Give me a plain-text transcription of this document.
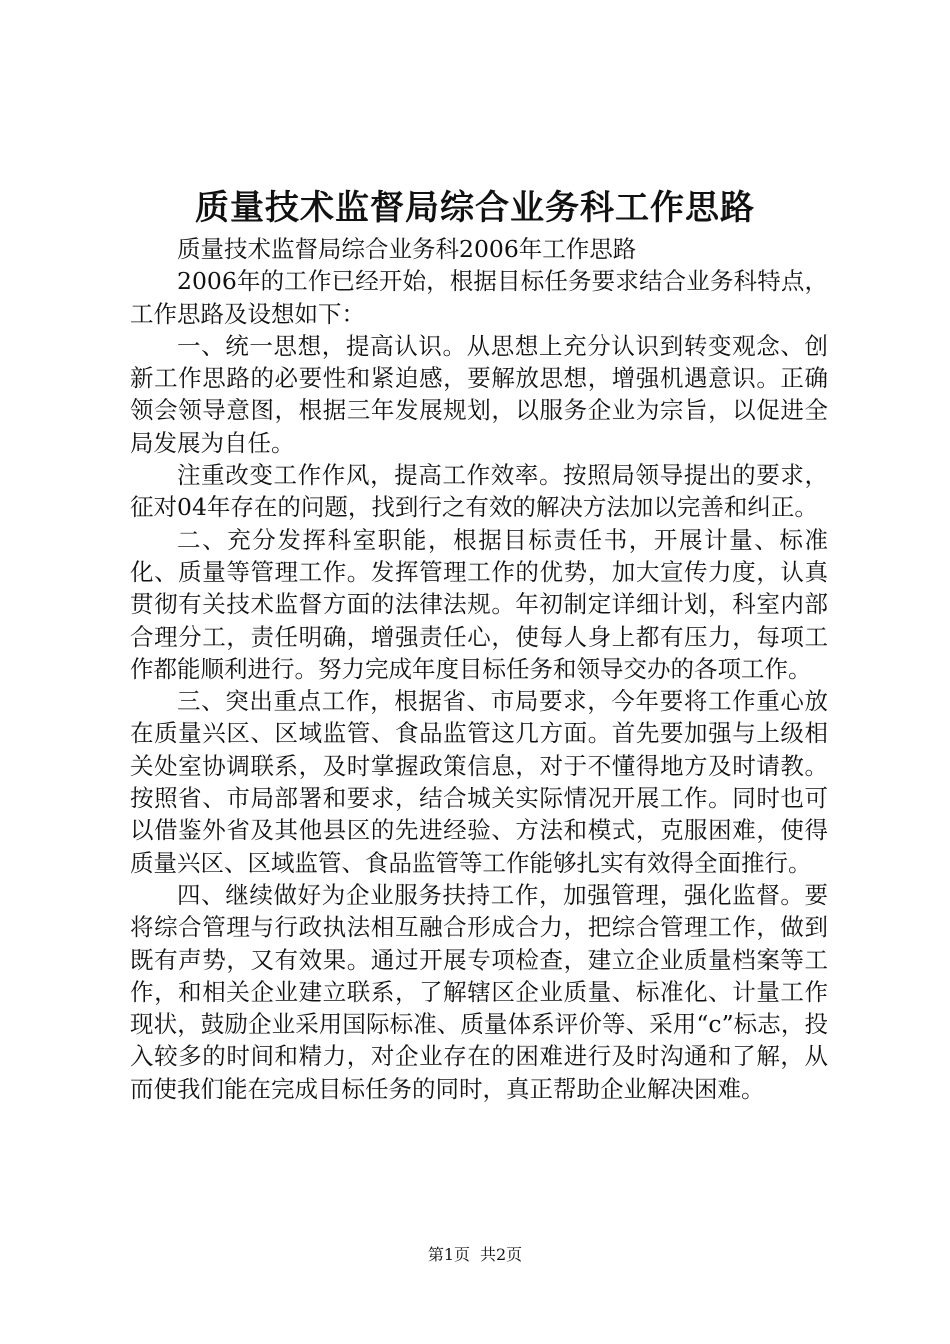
质量技术监督局综合业务科工作思路

质量技术监督局综合业务科2006年工作思路

2006年的工作已经开始，根据目标任务要求结合业务科特点，工作思路及设想如下：

一、统一思想，提高认识。从思想上充分认识到转变观念、创新工作思路的必要性和紧迫感，要解放思想，增强机遇意识。正确领会领导意图，根据三年发展规划，以服务企业为宗旨，以促进全局发展为自任。

注重改变工作作风，提高工作效率。按照局领导提出的要求，征对04年存在的问题，找到行之有效的解决方法加以完善和纠正。

二、充分发挥科室职能，根据目标责任书，开展计量、标准化、质量等管理工作。发挥管理工作的优势，加大宣传力度，认真贯彻有关技术监督方面的法律法规。年初制定详细计划，科室内部合理分工，责任明确，增强责任心，使每人身上都有压力，每项工作都能顺利进行。努力完成年度目标任务和领导交办的各项工作。

三、突出重点工作，根据省、市局要求，今年要将工作重心放在质量兴区、区域监管、食品监管这几方面。首先要加强与上级相关处室协调联系，及时掌握政策信息，对于不懂得地方及时请教。按照省、市局部署和要求，结合城关实际情况开展工作。同时也可以借鉴外省及其他县区的先进经验、方法和模式，克服困难，使得质量兴区、区域监管、食品监管等工作能够扎实有效得全面推行。

四、继续做好为企业服务扶持工作，加强管理，强化监督。要将综合管理与行政执法相互融合形成合力，把综合管理工作，做到既有声势，又有效果。通过开展专项检查，建立企业质量档案等工作，和相关企业建立联系，了解辖区企业质量、标准化、计量工作现状，鼓励企业采用国际标准、质量体系评价等、采用“c”标志，投入较多的时间和精力，对企业存在的困难进行及时沟通和了解，从而使我们能在完成目标任务的同时，真正帮助企业解决困难。

第1页 共2页
